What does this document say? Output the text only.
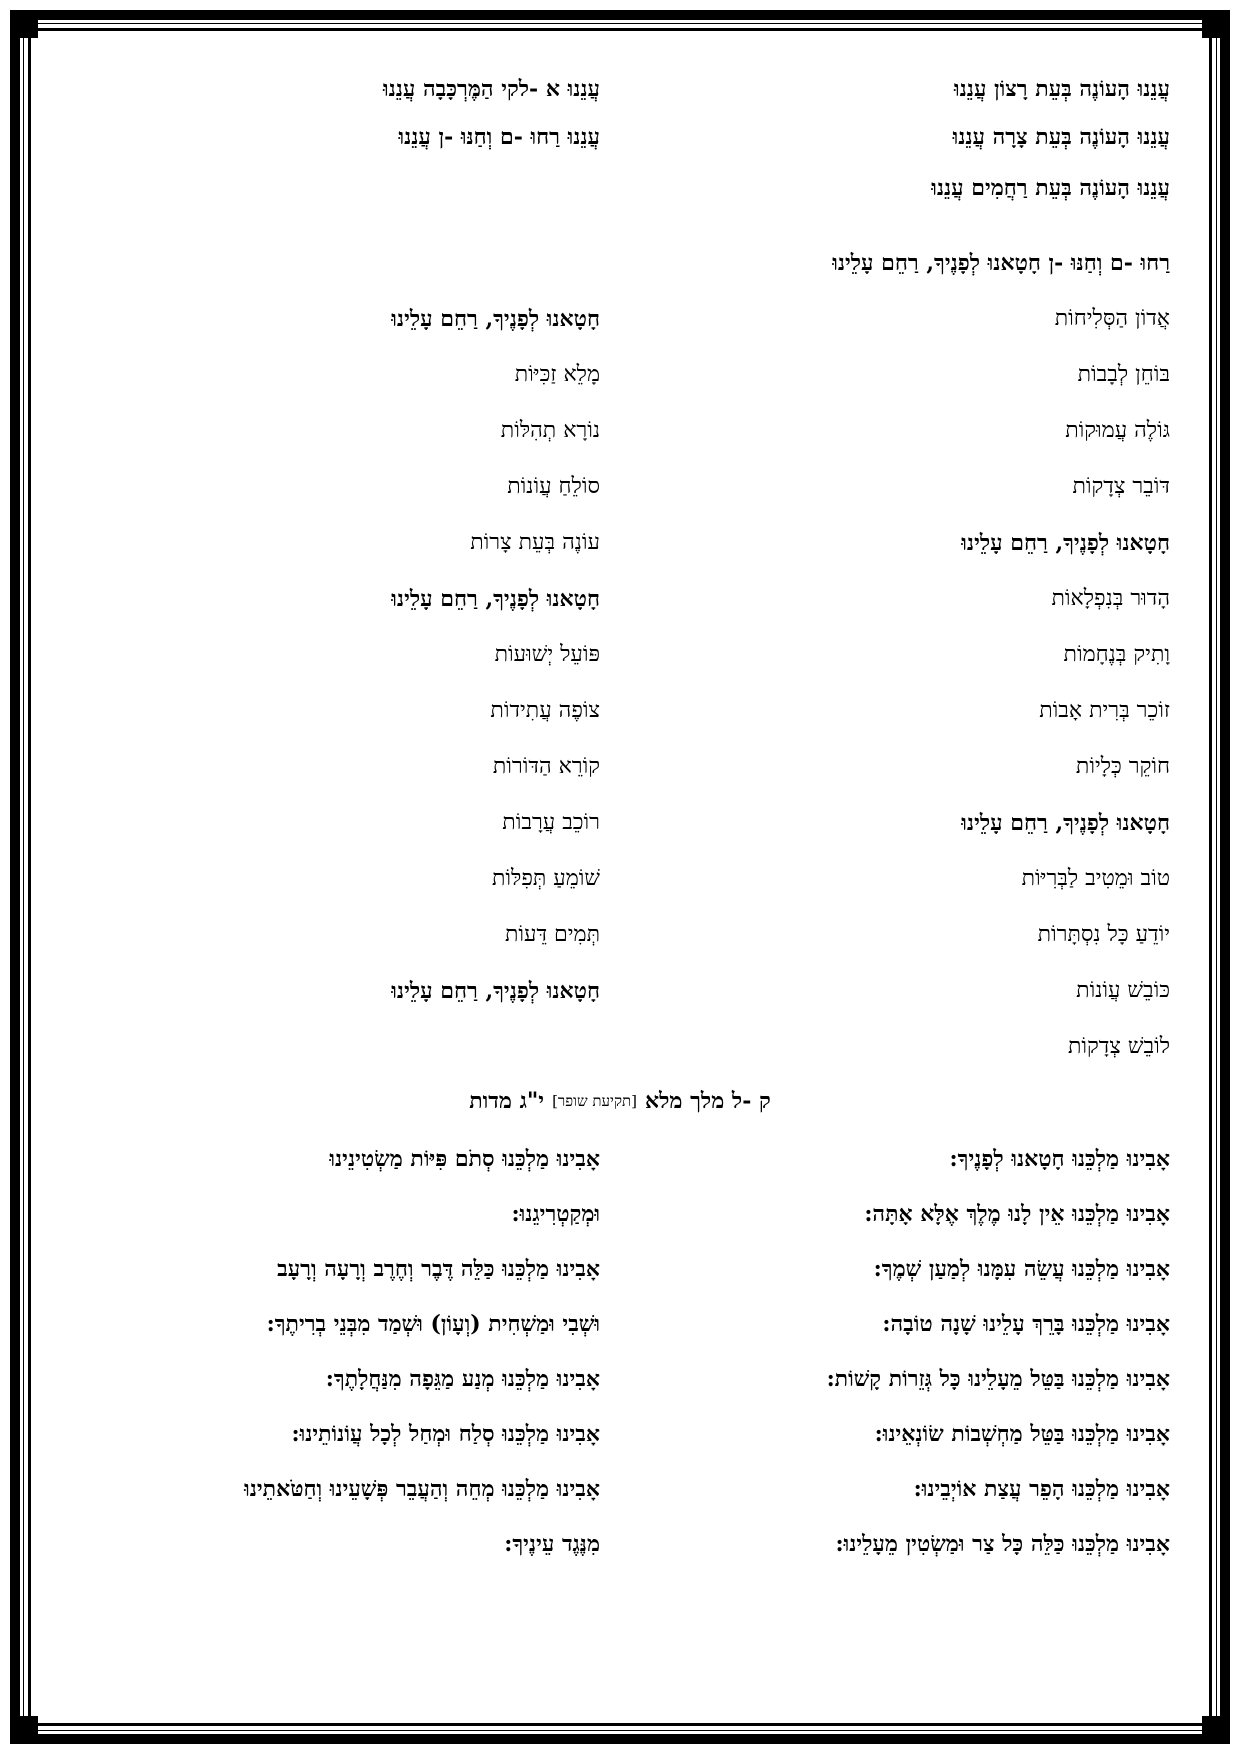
עֲנֵנוּ הָעוֹנֶה בְּעֵת רָצוֹן עֲנֵנוּ
עֲנֵנוּ א -לקי הַמֶּרְכָּבָה עֲנֵנוּ
עֲנֵנוּ הָעוֹנֶה בְּעֵת צָרָה עֲנֵנוּ
עֲנֵנוּ רַחוּ -ם וְחַנּוּ -ן עֲנֵנוּ
עֲנֵנוּ הָעוֹנֶה בְּעֵת רַחֲמִים עֲנֵנוּ
רַחוּ -ם וְחַנּוּ -ן חָטָאנוּ לְפָנֶיךָ, רַחֵם עָלֵינוּ
אֲדוֹן הַסְּלִיחוֹת
חָטָאנוּ לְפָנֶיךָ, רַחֵם עָלֵינוּ
בּוֹחֵן לְבָבוֹת
מָלֵא זַכִּיּוֹת
גּוֹלֶה עֲמוּקוֹת
נוֹרָא תְהִלּוֹת
דּוֹבֵר צְדָקוֹת
סוֹלֵחַ עֲוֹנוֹת
חָטָאנוּ לְפָנֶיךָ, רַחֵם עָלֵינוּ
עוֹנֶה בְּעֵת צָרוֹת
הָדוּר בְּנִפְלָאוֹת
חָטָאנוּ לְפָנֶיךָ, רַחֵם עָלֵינוּ
וָתִיק בְּנֶחָמוֹת
פּוֹעֵל יְשׁוּעוֹת
זוֹכֵר בְּרִית אָבוֹת
צוֹפֶה עֲתִידוֹת
חוֹקֵר כְּלָיוֹת
קוֹרֵא הַדּוֹרוֹת
חָטָאנוּ לְפָנֶיךָ, רַחֵם עָלֵינוּ
רוֹכֵב עֲרָבוֹת
טוֹב וּמֵטִיב לַבְּרִיּוֹת
שׁוֹמֵעַ תְּפִלּוֹת
יוֹדֵעַ כָּל נִסְתָּרוֹת
תְּמִים דֵּעוֹת
כּוֹבֵשׁ עֲוֹנוֹת
חָטָאנוּ לְפָנֶיךָ, רַחֵם עָלֵינוּ
לוֹבֵשׁ צְדָקוֹת
ק -ל מלך מלא
[תקיעת שופר]
י"ג מדות
אָבִינוּ מַלְכֵּנוּ חָטָאנוּ לְפָנֶיךָ:
אָבִינוּ מַלְכֵּנוּ סְתֹם פִּיּוֹת מַשְׂטִינֵינוּ
אָבִינוּ מַלְכֵּנוּ אֵין לָנוּ מֶלֶךְ אֶלָּא אָתָּה:
וּמְקַטְרִיגֵנוּ:
אָבִינוּ מַלְכֵּנוּ עֲשֵׂה עִמָּנוּ לְמַעַן שְׁמֶךָ:
אָבִינוּ מַלְכֵּנוּ כַּלֵּה דֶּבֶר וְחֶרֶב וְרָעָה וְרָעָב
אָבִינוּ מַלְכֵּנוּ בָּרֵךְ עָלֵינוּ שָׁנָה טוֹבָה:
וּשְׁבִי וּמַשְׁחִית (וְעָוֹן) וּשְׁמַד מִבְּנֵי בְרִיתֶךָ:
אָבִינוּ מַלְכֵּנוּ בַּטֵּל מֵעָלֵינוּ כָּל גְּזֵרוֹת קָשׁוֹת:
אָבִינוּ מַלְכֵּנוּ מְנַע מַגֵּפָה מִנַּחֲלָתֶךָ:
אָבִינוּ מַלְכֵּנוּ בַּטֵּל מַחְשְׁבוֹת שׂוֹנְאֵינוּ:
אָבִינוּ מַלְכֵּנוּ סְלַח וּמְחַל לְכָל עֲוֹנוֹתֵינוּ:
אָבִינוּ מַלְכֵּנוּ הָפֵר עֲצַת אוֹיְבֵינוּ:
אָבִינוּ מַלְכֵּנוּ מְחֵה וְהַעֲבֵר פְּשָׁעֵינוּ וְחַטֹּאתֵינוּ
אָבִינוּ מַלְכֵּנוּ כַּלֵּה כָּל צַר וּמַשְׂטִין מֵעָלֵינוּ:
מִנֶּגֶד עֵינֶיךָ:
